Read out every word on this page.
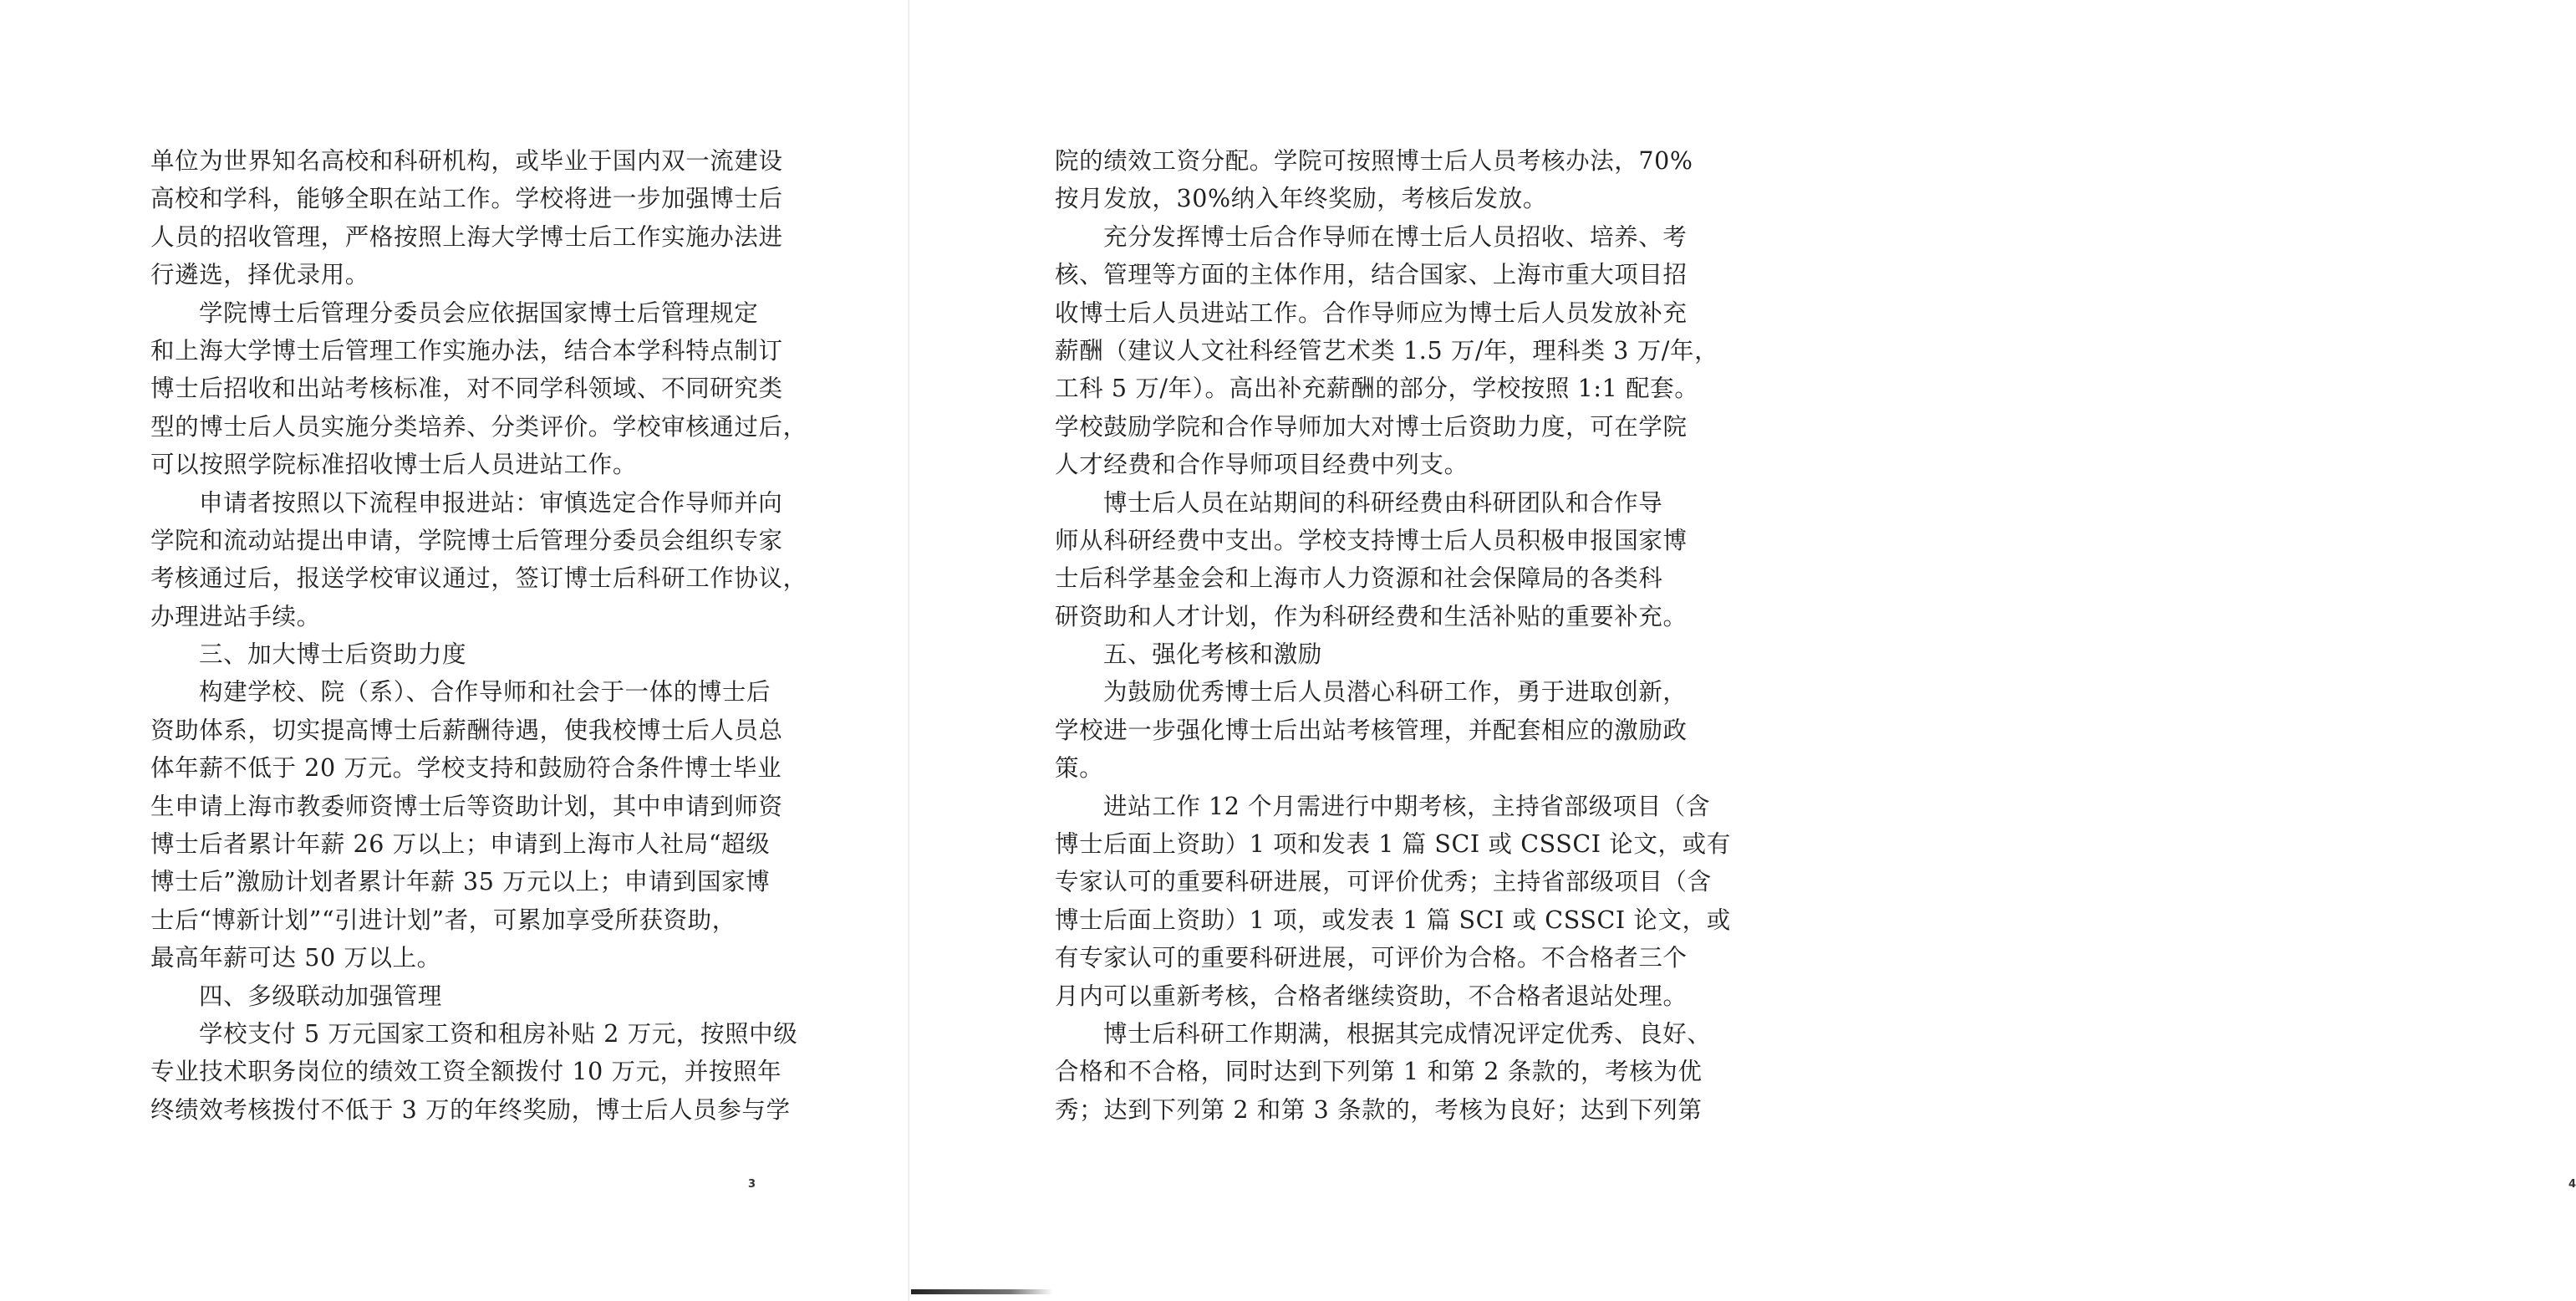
单位为世界知名高校和科研机构，或毕业于国内双一流建设
高校和学科，能够全职在站工作。学校将进一步加强博士后
人员的招收管理，严格按照上海大学博士后工作实施办法进
行遴选，择优录用。
学院博士后管理分委员会应依据国家博士后管理规定
和上海大学博士后管理工作实施办法，结合本学科特点制订
博士后招收和出站考核标准，对不同学科领域、不同研究类
型的博士后人员实施分类培养、分类评价。学校审核通过后，
可以按照学院标准招收博士后人员进站工作。
申请者按照以下流程申报进站：审慎选定合作导师并向
学院和流动站提出申请，学院博士后管理分委员会组织专家
考核通过后，报送学校审议通过，签订博士后科研工作协议，
办理进站手续。
三、加大博士后资助力度
构建学校、院（系）、合作导师和社会于一体的博士后
资助体系，切实提高博士后薪酬待遇，使我校博士后人员总
体年薪不低于 20 万元。学校支持和鼓励符合条件博士毕业
生申请上海市教委师资博士后等资助计划，其中申请到师资
博士后者累计年薪 26 万以上；申请到上海市人社局“超级
博士后”激励计划者累计年薪 35 万元以上；申请到国家博
士后“博新计划”“引进计划”者，可累加享受所获资助，
最高年薪可达 50 万以上。
四、多级联动加强管理
学校支付 5 万元国家工资和租房补贴 2 万元，按照中级
专业技术职务岗位的绩效工资全额拨付 10 万元，并按照年
终绩效考核拨付不低于 3 万的年终奖励，博士后人员参与学
3	4
院的绩效工资分配。学院可按照博士后人员考核办法，70%
按月发放，30%纳入年终奖励，考核后发放。
充分发挥博士后合作导师在博士后人员招收、培养、考
核、管理等方面的主体作用，结合国家、上海市重大项目招
收博士后人员进站工作。合作导师应为博士后人员发放补充
薪酬（建议人文社科经管艺术类 1.5 万/年，理科类 3 万/年，
工科 5 万/年）。高出补充薪酬的部分，学校按照 1:1 配套。
学校鼓励学院和合作导师加大对博士后资助力度，可在学院
人才经费和合作导师项目经费中列支。
博士后人员在站期间的科研经费由科研团队和合作导
师从科研经费中支出。学校支持博士后人员积极申报国家博
士后科学基金会和上海市人力资源和社会保障局的各类科
研资助和人才计划，作为科研经费和生活补贴的重要补充。
五、强化考核和激励
为鼓励优秀博士后人员潜心科研工作，勇于进取创新，
学校进一步强化博士后出站考核管理，并配套相应的激励政
策。
进站工作 12 个月需进行中期考核，主持省部级项目（含
博士后面上资助）1 项和发表 1 篇 SCI 或 CSSCI 论文，或有
专家认可的重要科研进展，可评价优秀；主持省部级项目（含
博士后面上资助）1 项，或发表 1 篇 SCI 或 CSSCI 论文，或
有专家认可的重要科研进展，可评价为合格。不合格者三个
月内可以重新考核，合格者继续资助，不合格者退站处理。
博士后科研工作期满，根据其完成情况评定优秀、良好、
合格和不合格，同时达到下列第 1 和第 2 条款的，考核为优
秀；达到下列第 2 和第 3 条款的，考核为良好；达到下列第
